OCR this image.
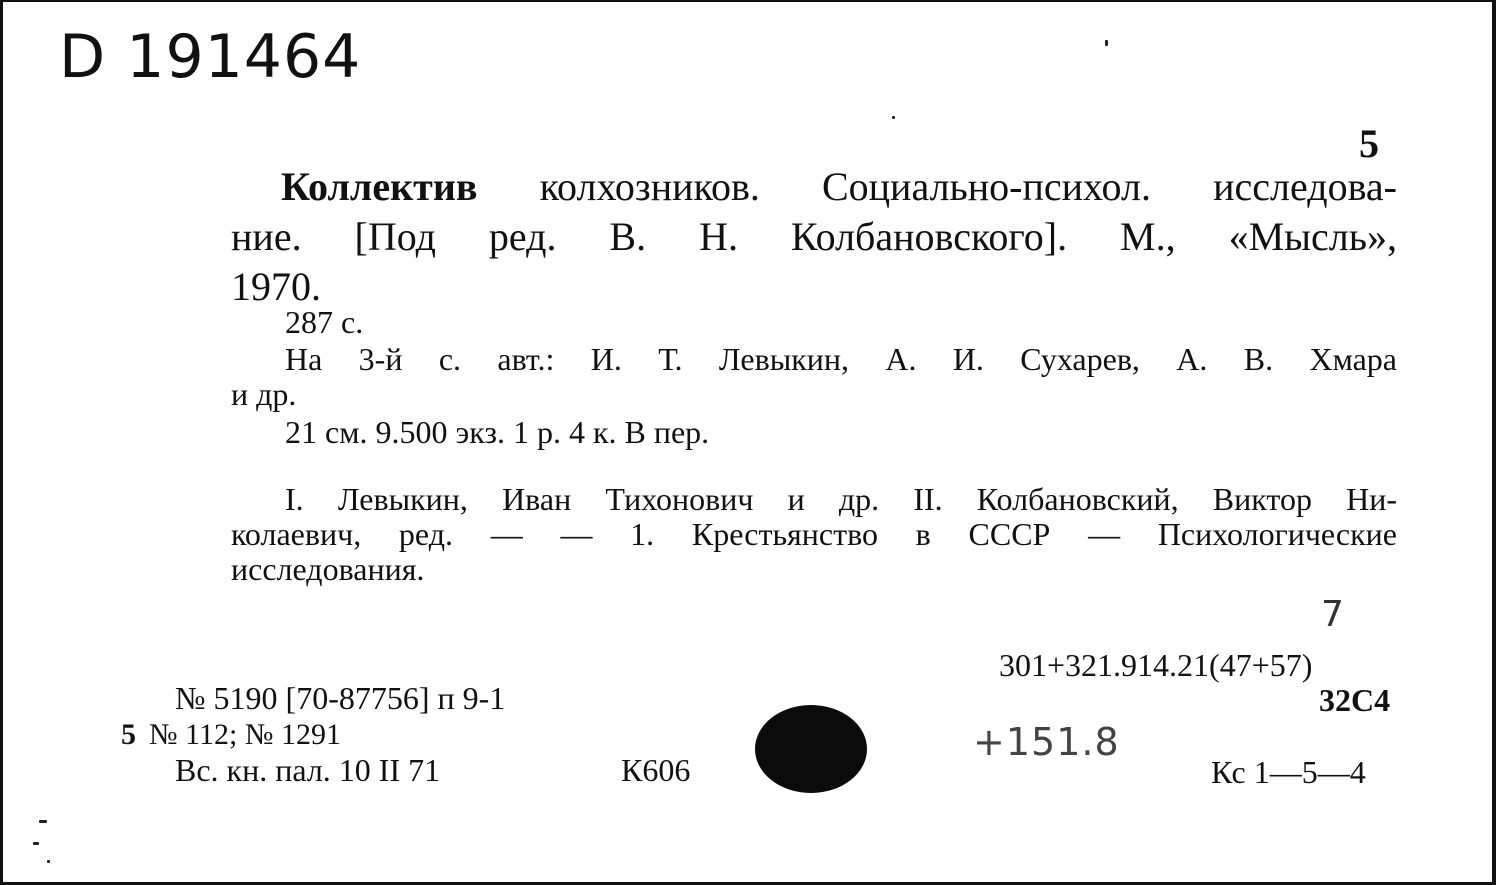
D 191464
5
Коллектив колхозников. Социально-психол. исследова-
ние. [Под ред. В. Н. Колбановского]. М., «Мысль»,
1970.
287 с.
На 3-й с. авт.: И. Т. Левыкин, А. И. Сухарев, А. В. Хмара
и др.
21 см. 9.500 экз. 1 р. 4 к. В пер.
I. Левыкин, Иван Тихонович и др. II. Колбановский, Виктор Ни-
колаевич, ред. — — 1. Крестьянство в СССР — Психологические
исследования.
7
301+321.914.21(47+57)
32С4
№ 5190 [70-87756] п 9-1
5 № 112; № 1291
Вс. кн. пал. 10 II 71	К606
+151.8
Кс 1—5—4
